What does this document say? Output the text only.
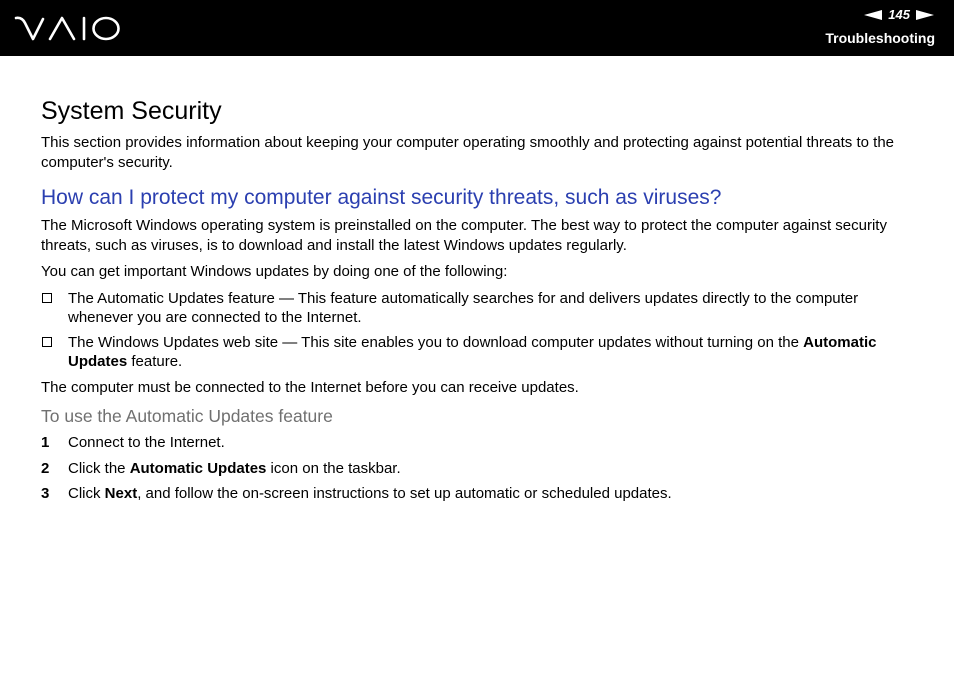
145
Troubleshooting
System Security

This section provides information about keeping your computer operating smoothly and protecting against potential threats to the computer's security.

How can I protect my computer against security threats, such as viruses?

The Microsoft Windows operating system is preinstalled on the computer. The best way to protect the computer against security threats, such as viruses, is to download and install the latest Windows updates regularly.

You can get important Windows updates by doing one of the following:

The Automatic Updates feature — This feature automatically searches for and delivers updates directly to the computer whenever you are connected to the Internet.
The Windows Updates web site — This site enables you to download computer updates without turning on the Automatic Updates feature.

The computer must be connected to the Internet before you can receive updates.

To use the Automatic Updates feature
1 Connect to the Internet.
2 Click the Automatic Updates icon on the taskbar.
3 Click Next, and follow the on-screen instructions to set up automatic or scheduled updates.
